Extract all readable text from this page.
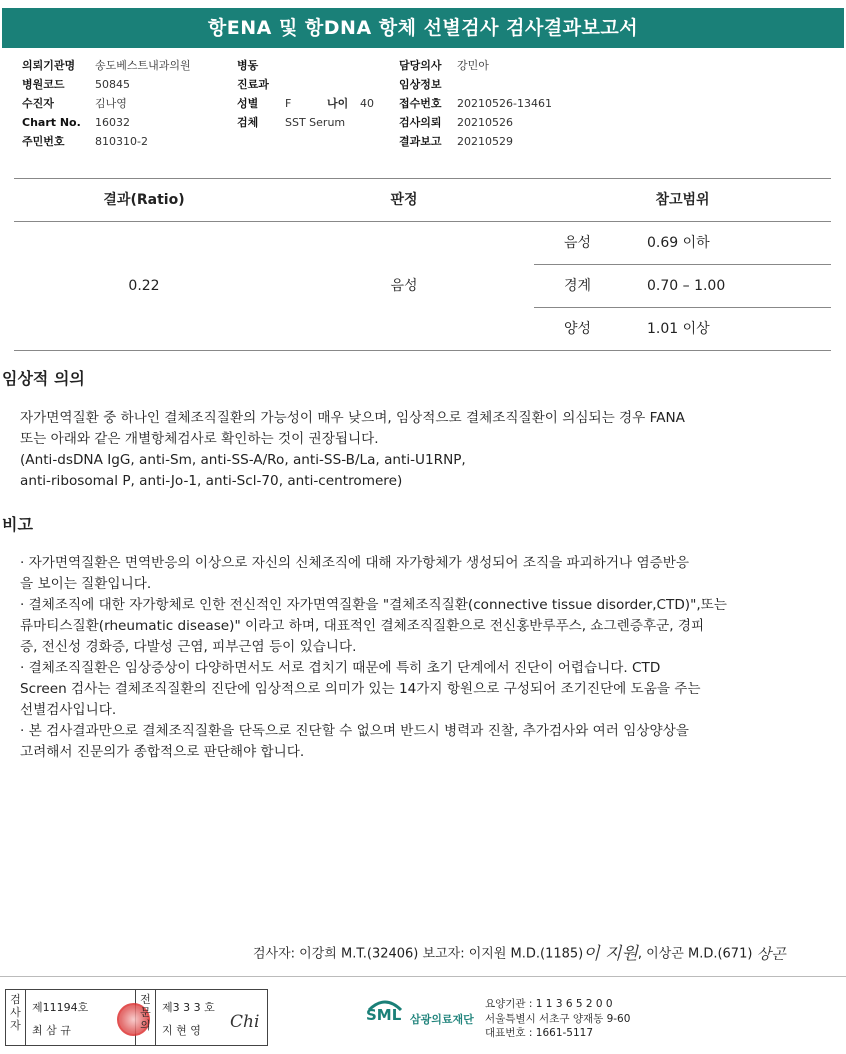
항ENA 및 항DNA 항체 선별검사 검사결과보고서
의뢰기관명 송도베스트내과의원
병원코드	50845
수진자	김나영
Chart No. 16032
주민번호	810310-2
병동
진료과
성별 F	나이 40
검체 SST Serum
담당의사 강민아
임상정보
접수번호 20210526-13461
검사의뢰 20210526
결과보고 20210529
결과(Ratio)	판정	참고범위
0.22	음성
음성	0.69 이하
경계	0.70 – 1.00
양성	1.01 이상
임상적 의의
자가면역질환 중 하나인 결체조직질환의 가능성이 매우 낮으며, 임상적으로 결체조직질환이 의심되는 경우 FANA
또는 아래와 같은 개별항체검사로 확인하는 것이 권장됩니다.
(Anti-dsDNA IgG, anti-Sm, anti-SS-A/Ro, anti-SS-B/La, anti-U1RNP,
anti-ribosomal P, anti-Jo-1, anti-Scl-70, anti-centromere)
비고
· 자가면역질환은 면역반응의 이상으로 자신의 신체조직에 대해 자가항체가 생성되어 조직을 파괴하거나 염증반응
을 보이는 질환입니다.
· 결체조직에 대한 자가항체로 인한 전신적인 자가면역질환을 "결체조직질환(connective tissue disorder,CTD)",또는
류마티스질환(rheumatic disease)" 이라고 하며, 대표적인 결체조직질환으로 전신홍반루푸스, 쇼그렌증후군, 경피
증, 전신성 경화증, 다발성 근염, 피부근염 등이 있습니다.
· 결체조직질환은 임상증상이 다양하면서도 서로 겹치기 때문에 특히 초기 단계에서 진단이 어렵습니다. CTD
Screen 검사는 결체조직질환의 진단에 임상적으로 의미가 있는 14가지 항원으로 구성되어 조기진단에 도움을 주는
선별검사입니다.
· 본 검사결과만으로 결체조직질환을 단독으로 진단할 수 없으며 반드시 병력과 진찰, 추가검사와 여러 임상양상을
고려해서 진문의가 종합적으로 판단해야 합니다.
검사자: 이강희 M.T.(32406) 보고자: 이지원 M.D.(1185)이 지원, 이상곤 M.D.(671) 상곤
검
사
자
제11194호
최 삼 규
전
문
의
제3 3 3 호
지 현 영 Chi	SML 삼광의료재단
요양기관 : 1 1 3 6 5 2 0 0
서울특별시 서초구 양재동 9-60
대표번호 : 1661-5117
